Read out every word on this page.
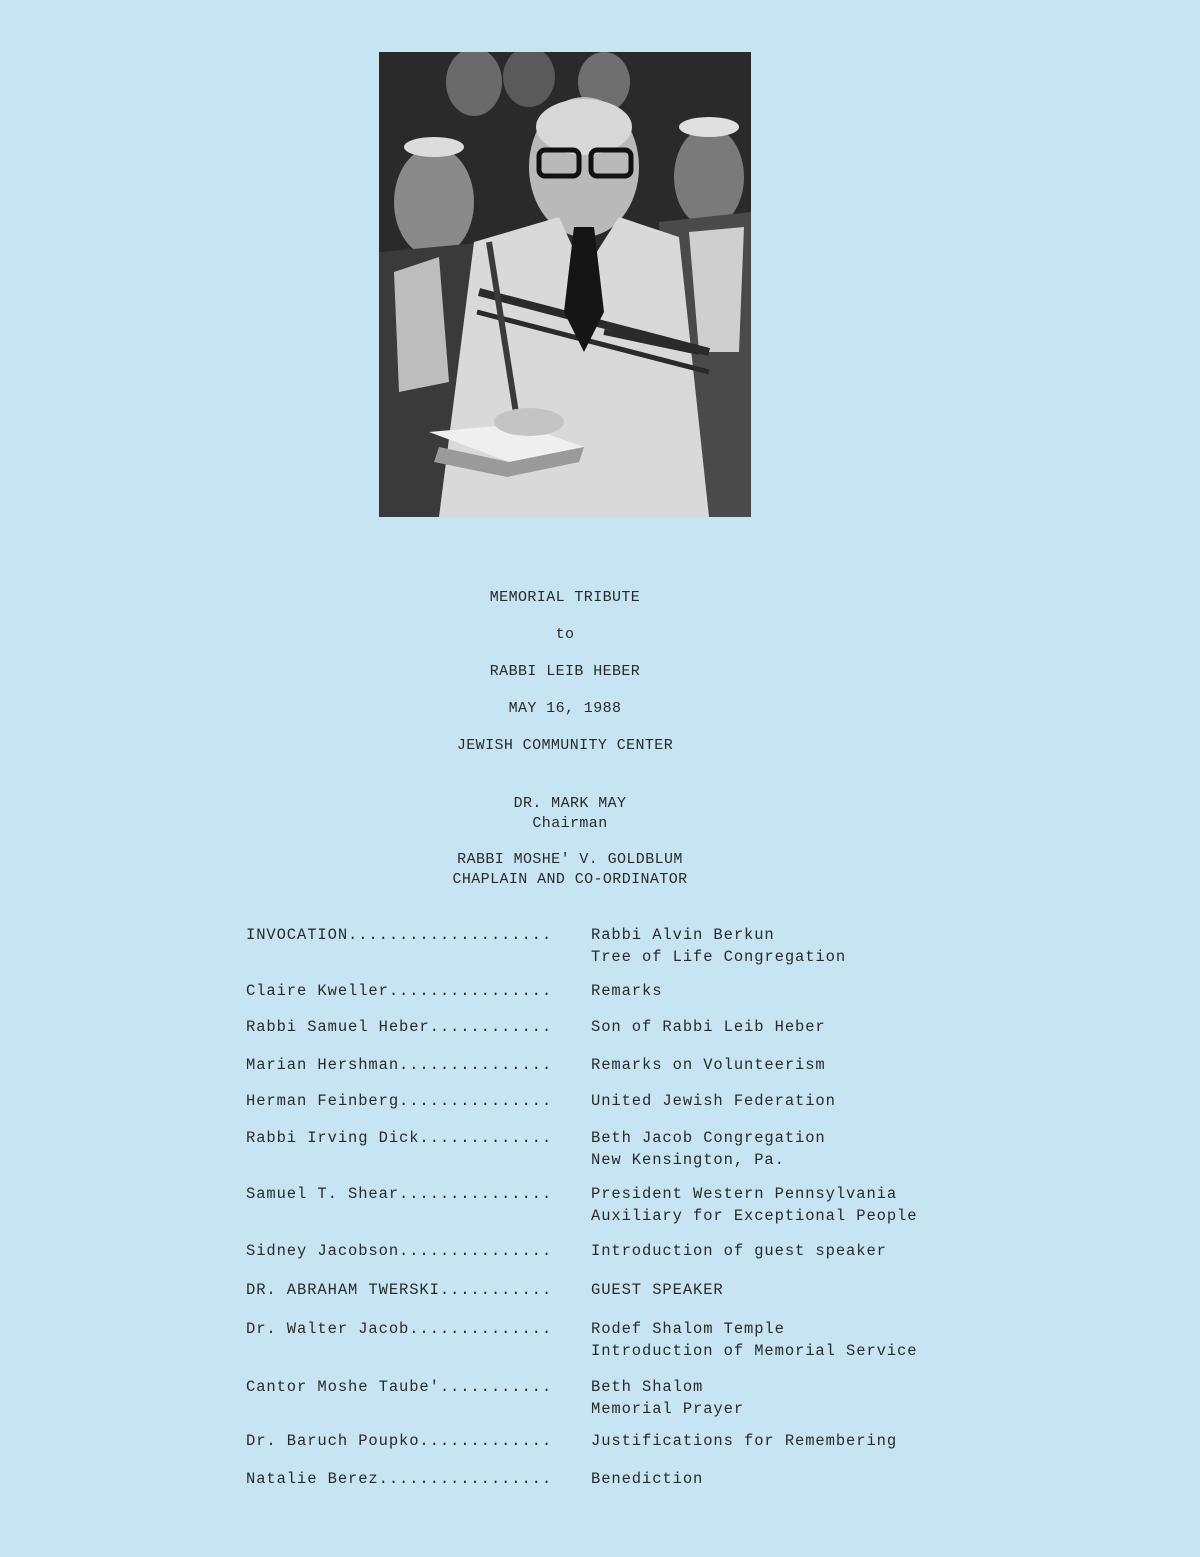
MEMORIAL TRIBUTE
to
RABBI LEIB HEBER
MAY 16, 1988
JEWISH COMMUNITY CENTER
DR. MARK MAY
Chairman
RABBI MOSHE' V. GOLDBLUM
CHAPLAIN AND CO-ORDINATOR
INVOCATION....................	Rabbi Alvin Berkun
Tree of Life Congregation
Claire Kweller................	Remarks
Rabbi Samuel Heber............	Son of Rabbi Leib Heber
Marian Hershman...............	Remarks on Volunteerism
Herman Feinberg...............	United Jewish Federation
Rabbi Irving Dick.............	Beth Jacob Congregation
New Kensington, Pa.
Samuel T. Shear...............	President Western Pennsylvania
Auxiliary for Exceptional People
Sidney Jacobson...............	Introduction of guest speaker
DR. ABRAHAM TWERSKI...........	GUEST SPEAKER
Dr. Walter Jacob..............	Rodef Shalom Temple
Introduction of Memorial Service
Cantor Moshe Taube'...........	Beth Shalom
Memorial Prayer
Dr. Baruch Poupko.............	Justifications for Remembering
Natalie Berez.................	Benediction
